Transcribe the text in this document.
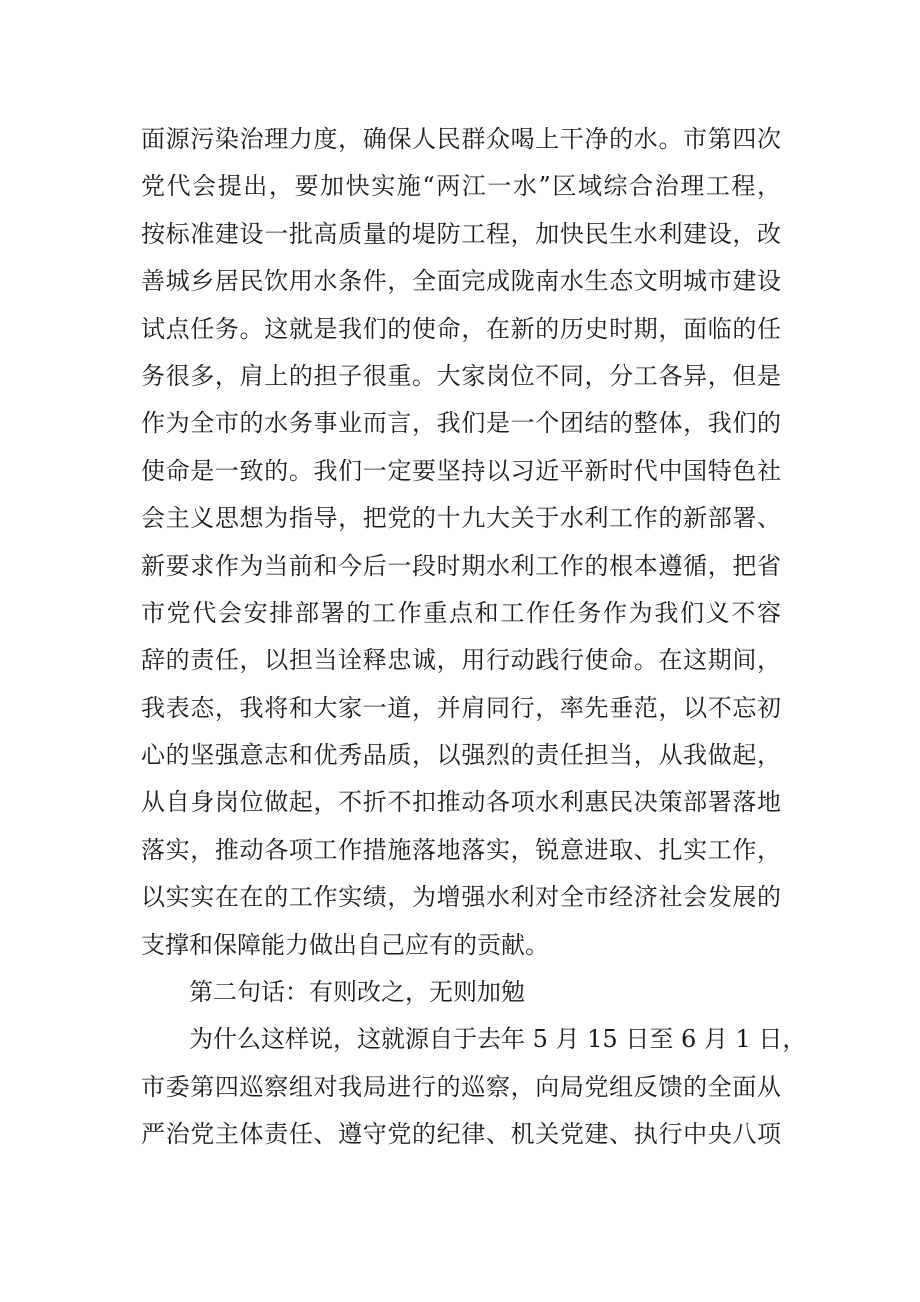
面源污染治理力度，确保人民群众喝上干净的水。市第四次
党代会提出，要加快实施“两江一水”区域综合治理工程，
按标准建设一批高质量的堤防工程，加快民生水利建设，改
善城乡居民饮用水条件，全面完成陇南水生态文明城市建设
试点任务。这就是我们的使命，在新的历史时期，面临的任
务很多，肩上的担子很重。大家岗位不同，分工各异，但是
作为全市的水务事业而言，我们是一个团结的整体，我们的
使命是一致的。我们一定要坚持以习近平新时代中国特色社
会主义思想为指导，把党的十九大关于水利工作的新部署、
新要求作为当前和今后一段时期水利工作的根本遵循，把省
市党代会安排部署的工作重点和工作任务作为我们义不容
辞的责任，以担当诠释忠诚，用行动践行使命。在这期间，
我表态，我将和大家一道，并肩同行，率先垂范，以不忘初
心的坚强意志和优秀品质，以强烈的责任担当，从我做起，
从自身岗位做起，不折不扣推动各项水利惠民决策部署落地
落实，推动各项工作措施落地落实，锐意进取、扎实工作，
以实实在在的工作实绩，为增强水利对全市经济社会发展的
支撑和保障能力做出自己应有的贡献。
第二句话：有则改之，无则加勉
为什么这样说，这就源自于去年 5 月 15 日至 6 月 1 日，
市委第四巡察组对我局进行的巡察，向局党组反馈的全面从
严治党主体责任、遵守党的纪律、机关党建、执行中央八项
